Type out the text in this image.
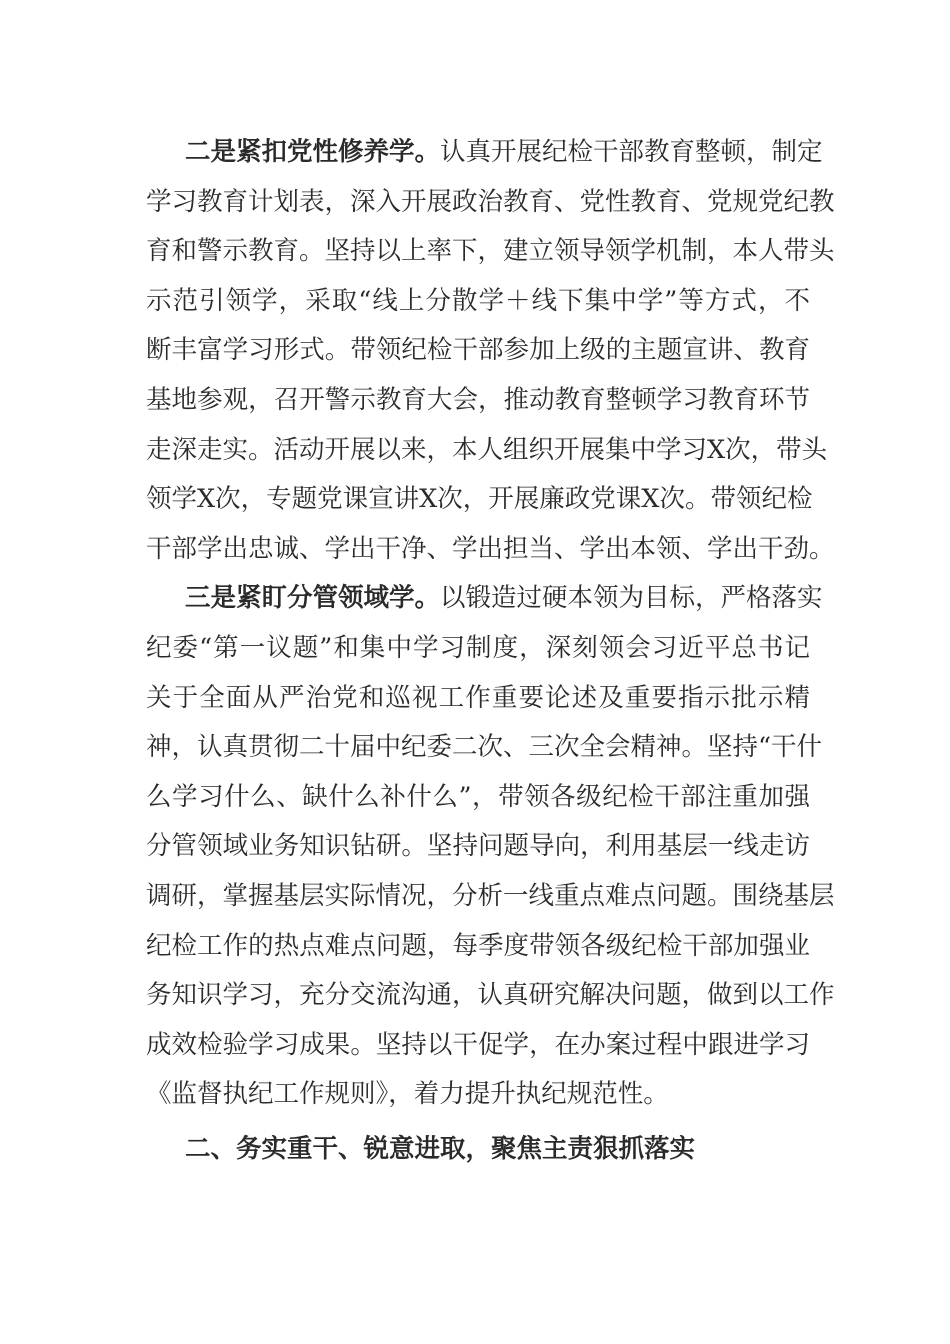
二是紧扣党性修养学。认真开展纪检干部教育整顿，制定
学习教育计划表，深入开展政治教育、党性教育、党规党纪教
育和警示教育。坚持以上率下，建立领导领学机制，本人带头
示范引领学，采取“线上分散学＋线下集中学”等方式，不
断丰富学习形式。带领纪检干部参加上级的主题宣讲、教育
基地参观，召开警示教育大会，推动教育整顿学习教育环节
走深走实。活动开展以来，本人组织开展集中学习X次，带头
领学X次，专题党课宣讲X次，开展廉政党课X次。带领纪检
干部学出忠诚、学出干净、学出担当、学出本领、学出干劲。
三是紧盯分管领域学。以锻造过硬本领为目标，严格落实
纪委“第一议题”和集中学习制度，深刻领会习近平总书记
关于全面从严治党和巡视工作重要论述及重要指示批示精
神，认真贯彻二十届中纪委二次、三次全会精神。坚持“干什
么学习什么、缺什么补什么”，带领各级纪检干部注重加强
分管领域业务知识钻研。坚持问题导向，利用基层一线走访
调研，掌握基层实际情况，分析一线重点难点问题。围绕基层
纪检工作的热点难点问题，每季度带领各级纪检干部加强业
务知识学习，充分交流沟通，认真研究解决问题，做到以工作
成效检验学习成果。坚持以干促学，在办案过程中跟进学习
《监督执纪工作规则》，着力提升执纪规范性。
二、务实重干、锐意进取，聚焦主责狠抓落实
